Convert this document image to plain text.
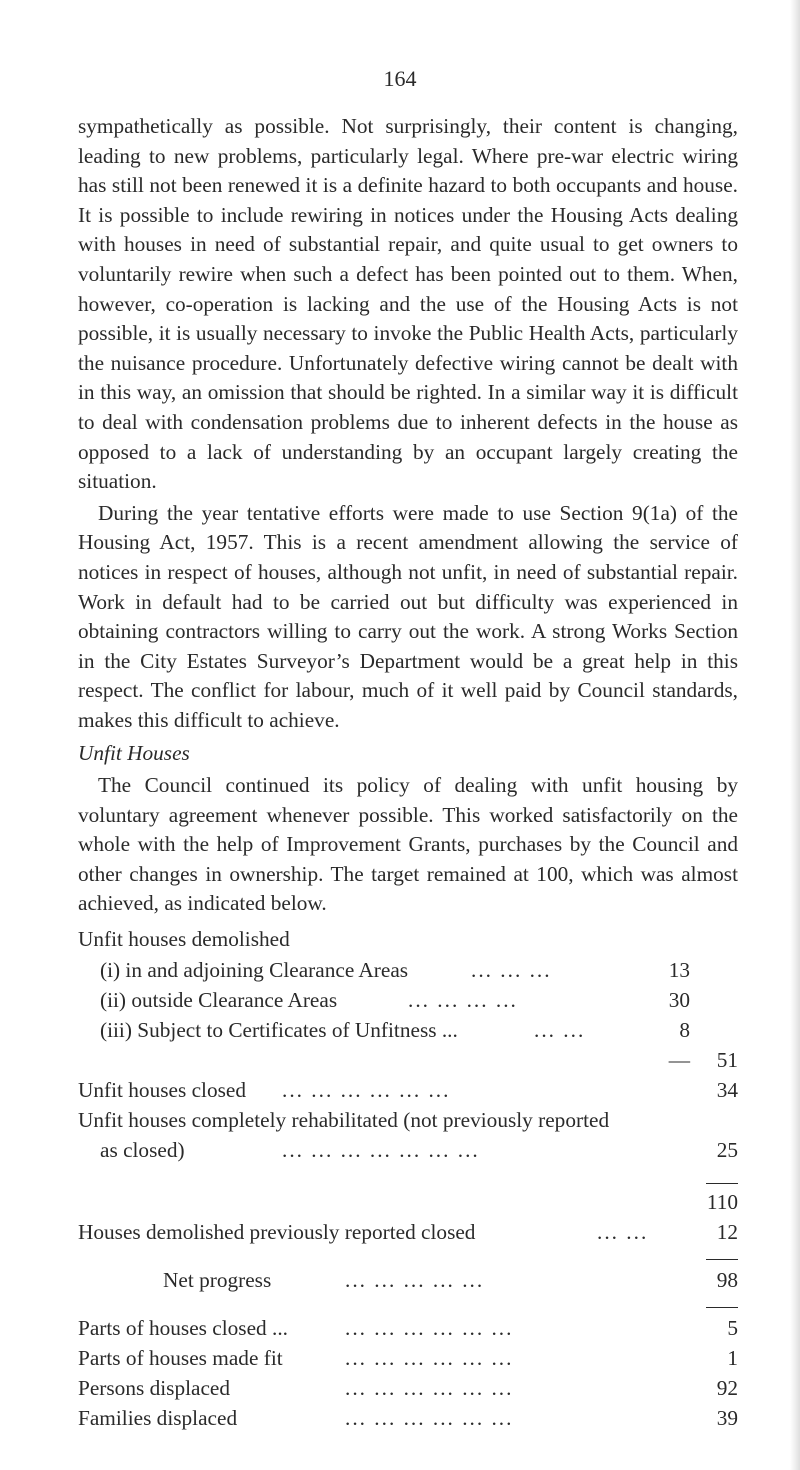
164

sympathetically as possible. Not surprisingly, their content is changing, leading to new problems, particularly legal. Where pre-war electric wiring has still not been renewed it is a definite hazard to both occupants and house. It is possible to include rewiring in notices under the Housing Acts dealing with houses in need of substantial repair, and quite usual to get owners to voluntarily rewire when such a defect has been pointed out to them. When, however, co-operation is lacking and the use of the Housing Acts is not possible, it is usually necessary to invoke the Public Health Acts, particularly the nuisance procedure. Unfortunately defective wiring cannot be dealt with in this way, an omission that should be righted. In a similar way it is difficult to deal with condensation problems due to inherent defects in the house as opposed to a lack of understanding by an occupant largely creating the situation.

During the year tentative efforts were made to use Section 9(1a) of the Housing Act, 1957. This is a recent amendment allowing the service of notices in respect of houses, although not unfit, in need of substantial repair. Work in default had to be carried out but difficulty was experienced in obtaining contractors willing to carry out the work. A strong Works Section in the City Estates Surveyor’s Department would be a great help in this respect. The conflict for labour, much of it well paid by Council standards, makes this difficult to achieve.

Unfit Houses

The Council continued its policy of dealing with unfit housing by voluntary agreement whenever possible. This worked satisfactorily on the whole with the help of Improvement Grants, purchases by the Council and other changes in ownership. The target remained at 100, which was almost achieved, as indicated below.

Unfit houses demolished
(i) in and adjoining Clearance Areas	... ... ...	13
(ii) outside Clearance Areas	... ... ... ...	30
(iii) Subject to Certificates of Unfitness ...	... ...	8
— 51
Unfit houses closed ... ... ... ... ... ...	34
Unfit houses completely rehabilitated (not previously reported
as closed)	... ... ... ... ... ... ...	25
110
Houses demolished previously reported closed	... ...	12
Net progress	... ... ... ... ...	98
Parts of houses closed ...	... ... ... ... ... ...	5
Parts of houses made fit	... ... ... ... ... ...	1
Persons displaced	... ... ... ... ... ...	92
Families displaced	... ... ... ... ... ...	39
